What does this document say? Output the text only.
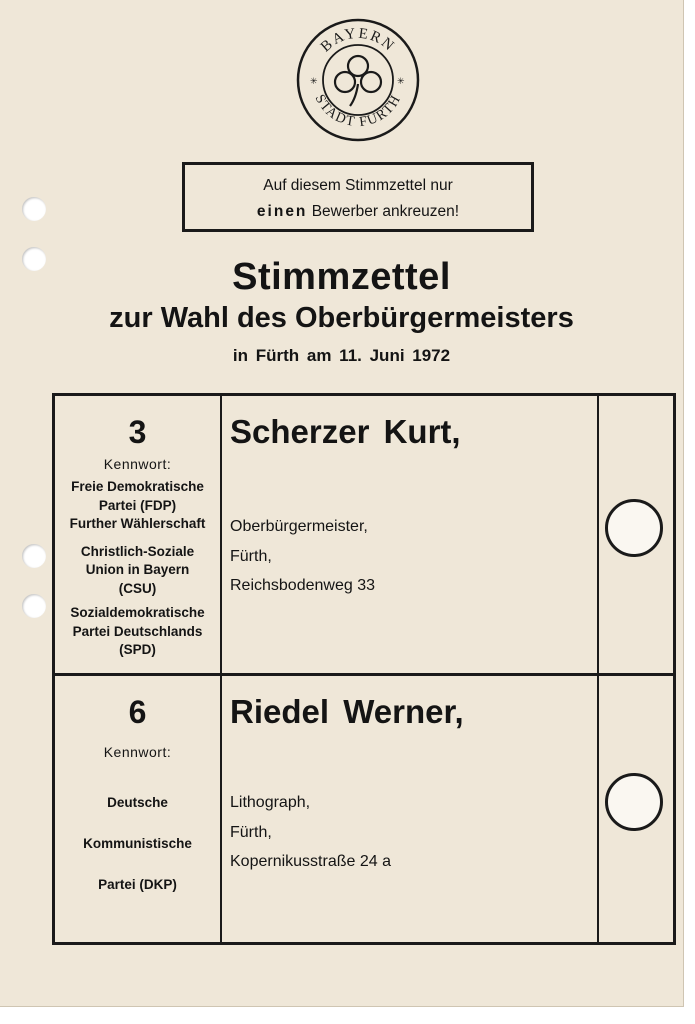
BAYERN
STADT FÜRTH
✳	✳
Auf diesem Stimmzettel nur
einen Bewerber ankreuzen!
Stimmzettel
zur Wahl des Oberbürgermeisters
in Fürth am 11. Juni 1972
3
Kennwort:
Freie Demokratische
Partei (FDP)
Further Wählerschaft
Christlich-Soziale
Union in Bayern
(CSU)
Sozialdemokratische
Partei Deutschlands
(SPD)
Scherzer Kurt,
Oberbürgermeister,
Fürth,
Reichsbodenweg 33
6
Kennwort:
Deutsche
Kommunistische
Partei (DKP)
Riedel Werner,
Lithograph,
Fürth,
Kopernikusstraße 24 a
